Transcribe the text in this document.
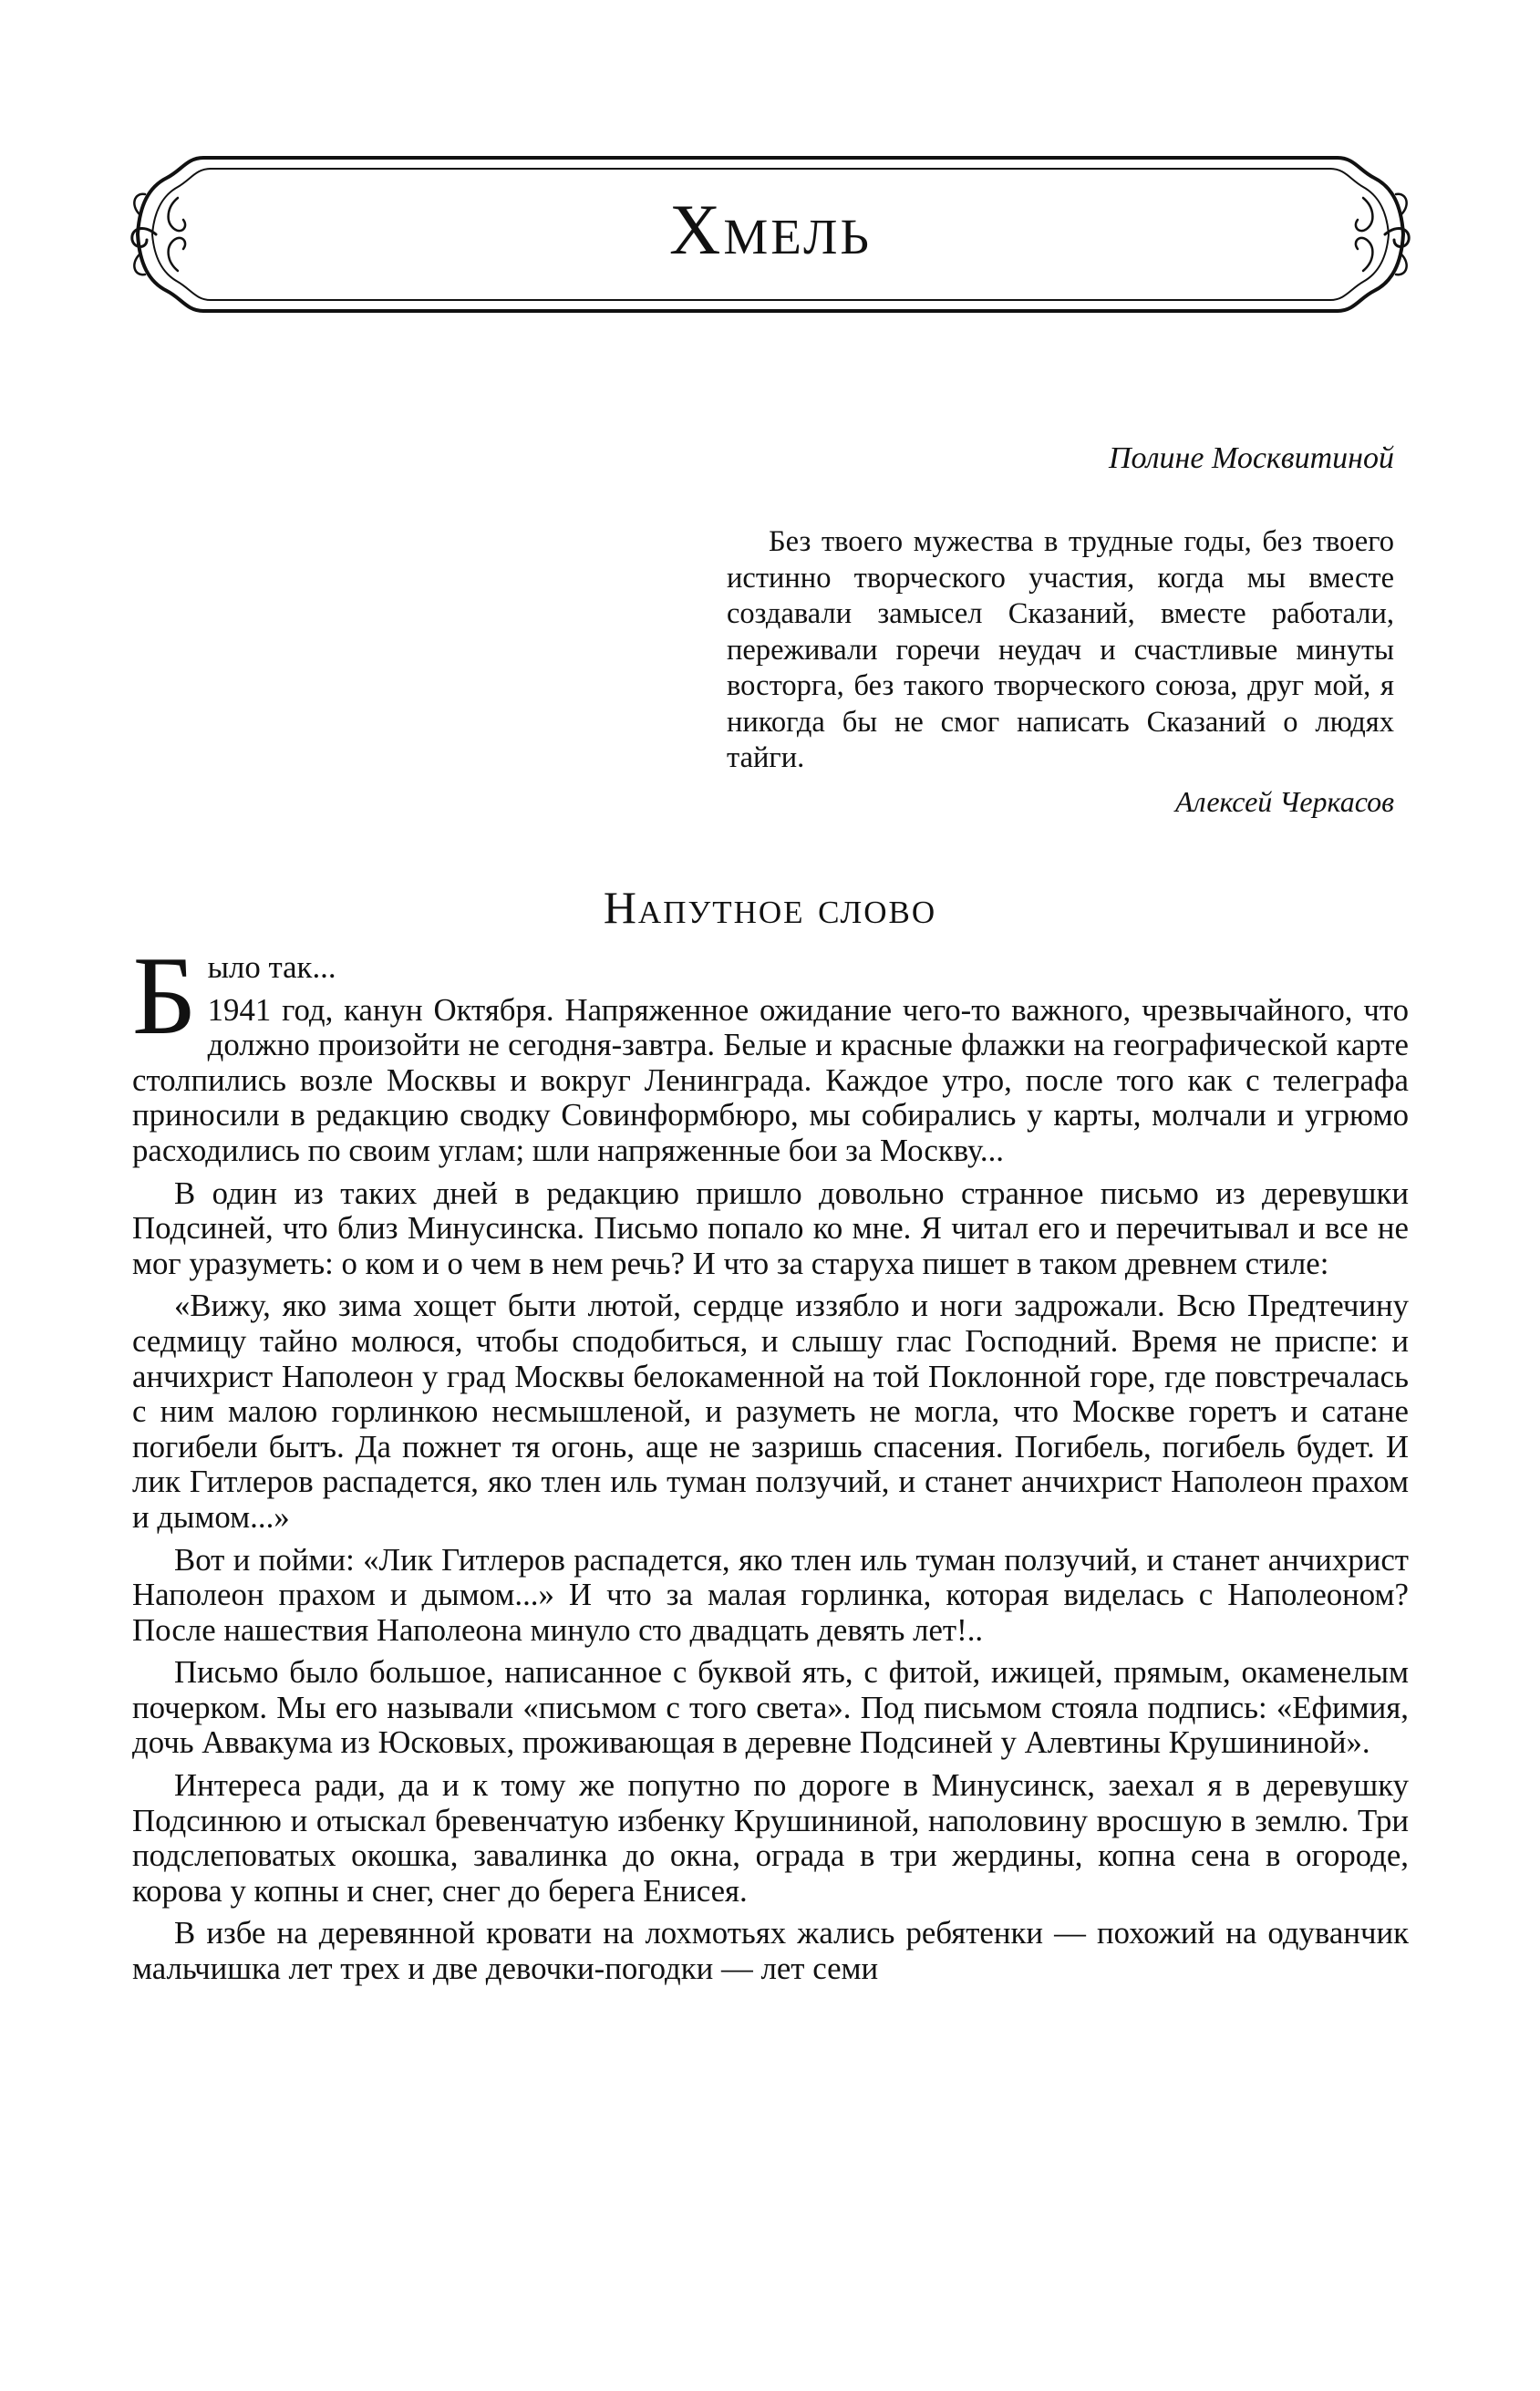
Хмель
Полине Москвитиной

Без твоего мужества в трудные годы, без твоего истинно творческого участия, когда мы вместе создавали замысел Сказаний, вместе работали, переживали горечи неудач и счастливые минуты восторга, без такого творческого союза, друг мой, я никогда бы не смог написать Сказаний о людях тайги.

Алексей Черкасов
Напутное слово
Б ыло так...

1941 год, канун Октября. Напряженное ожидание чего-то важного, чрезвычайного, что должно произойти не сегодня-завтра. Белые и красные флажки на географической карте столпились возле Москвы и вокруг Ленинграда. Каждое утро, после того как с телеграфа приносили в редакцию сводку Совинформбюро, мы собирались у карты, молчали и угрюмо расходились по своим углам; шли напряженные бои за Москву...

В один из таких дней в редакцию пришло довольно странное письмо из деревушки Подсиней, что близ Минусинска. Письмо попало ко мне. Я читал его и перечитывал и все не мог уразуметь: о ком и о чем в нем речь? И что за старуха пишет в таком древнем стиле:

«Вижу, яко зима хощет быти лютой, сердце иззябло и ноги задрожали. Всю Предтечину седмицу тайно молюся, чтобы сподобиться, и слышу глас Господний. Время не приспе: и анчихрист Наполеон у град Москвы белокаменной на той Поклонной горе, где повстречалась с ним малою горлинкою несмышленой, и разуметь не могла, что Москве горетъ и сатане погибели бытъ. Да пожнет тя огонь, аще не зазришь спасения. Погибель, погибель будет. И лик Гитлеров распадется, яко тлен иль туман ползучий, и станет анчихрист Наполеон прахом и дымом...»

Вот и пойми: «Лик Гитлеров распадется, яко тлен иль туман ползучий, и станет анчихрист Наполеон прахом и дымом...» И что за малая горлинка, которая виделась с Наполеоном? После нашествия Наполеона минуло сто двадцать девять лет!..

Письмо было большое, написанное с буквой ять, с фитой, ижицей, прямым, окаменелым почерком. Мы его называли «письмом с того света». Под письмом стояла подпись: «Ефимия, дочь Аввакума из Юсковых, проживающая в деревне Подсиней у Алевтины Крушининой».

Интереса ради, да и к тому же попутно по дороге в Минусинск, заехал я в деревушку Подсинюю и отыскал бревенчатую избенку Крушининой, наполовину вросшую в землю. Три подслеповатых окошка, завалинка до окна, ограда в три жердины, копна сена в огороде, корова у копны и снег, снег до берега Енисея.

В избе на деревянной кровати на лохмотьях жались ребятенки — похожий на одуванчик мальчишка лет трех и две девочки-погодки — лет семи
